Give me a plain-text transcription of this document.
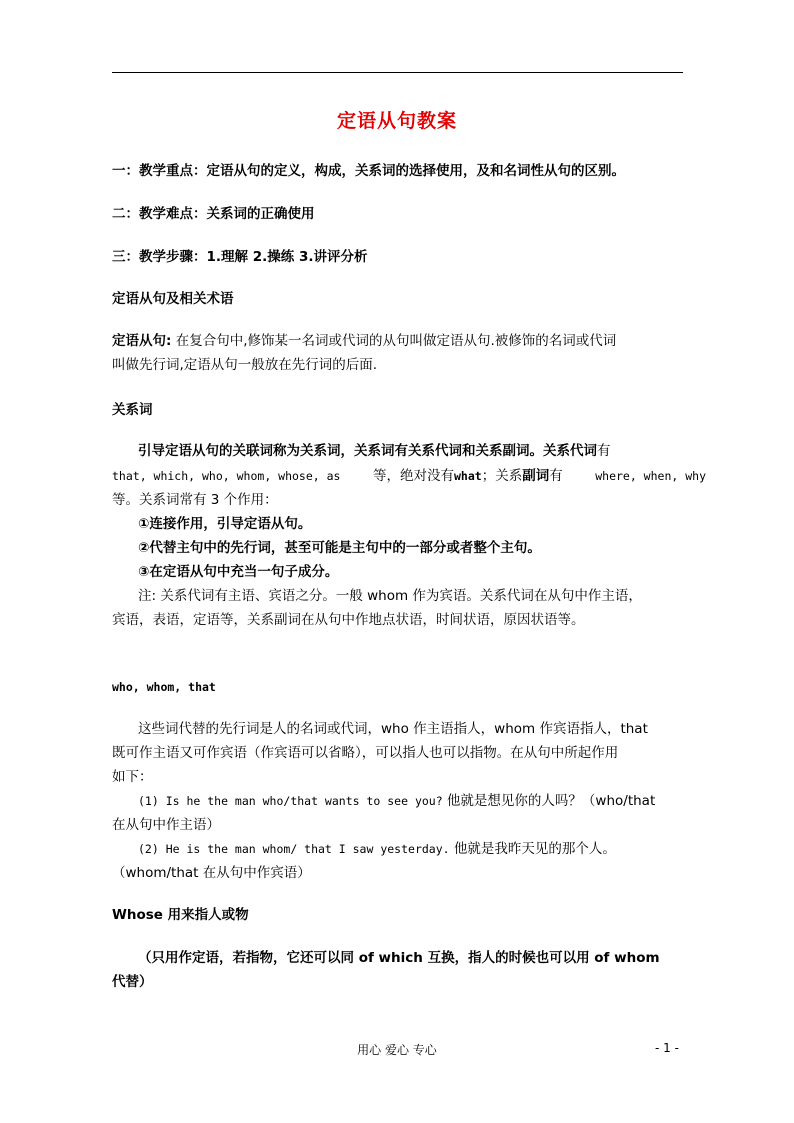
定语从句教案
一：教学重点：定语从句的定义，构成，关系词的选择使用，及和名词性从句的区别。
二：教学难点：关系词的正确使用
三：教学步骤：1.理解 2.操练 3.讲评分析
定语从句及相关术语
定语从句: 在复合句中,修饰某一名词或代词的从句叫做定语从句.被修饰的名词或代词
叫做先行词,定语从句一般放在先行词的后面.
关系词
引导定语从句的关联词称为关系词，关系词有关系代词和关系副词。关系代词有
that, which, who, whom, whose, as 等，绝对没有what；关系副词有	where, when, why
等。关系词常有 3 个作用：
①连接作用，引导定语从句。
②代替主句中的先行词，甚至可能是主句中的一部分或者整个主句。
③在定语从句中充当一句子成分。
注: 关系代词有主语、宾语之分。一般 whom 作为宾语。关系代词在从句中作主语，
宾语，表语，定语等，关系副词在从句中作地点状语，时间状语，原因状语等。
who, whom, that
这些词代替的先行词是人的名词或代词，who 作主语指人，whom 作宾语指人，that
既可作主语又可作宾语（作宾语可以省略），可以指人也可以指物。在从句中所起作用
如下：
(1) Is he the man who/that wants to see you? 他就是想见你的人吗？（who/that
在从句中作主语）
(2) He is the man whom/ that I saw yesterday. 他就是我昨天见的那个人。
（whom/that 在从句中作宾语）
Whose 用来指人或物
（只用作定语，若指物，它还可以同 of which 互换，指人的时候也可以用 of whom
代替）
用心 爱心 专心	- 1 -
